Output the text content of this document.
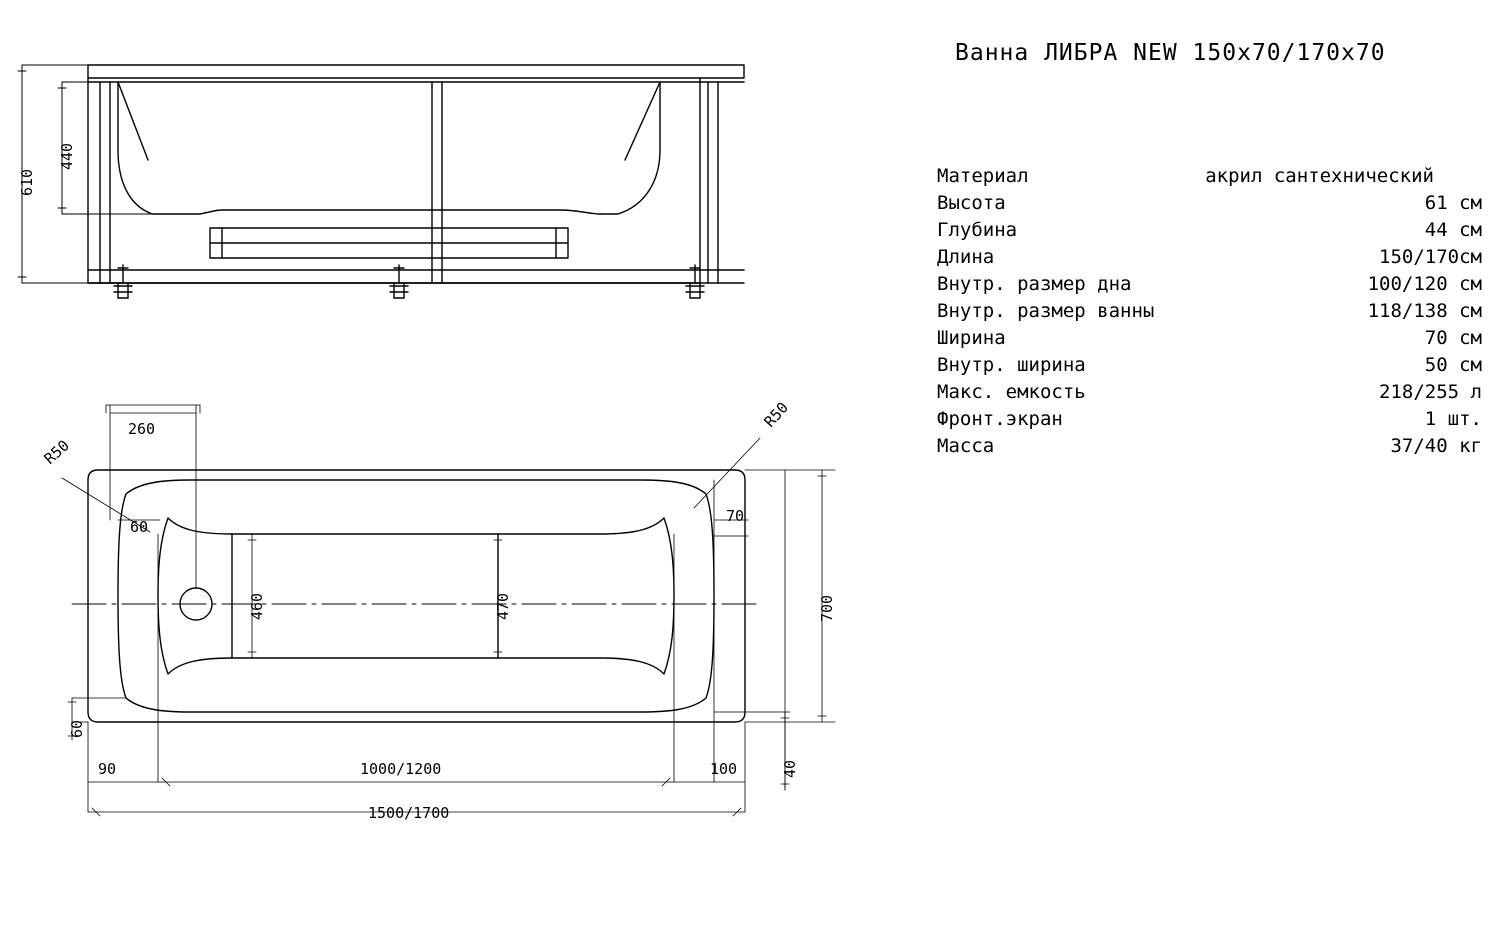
610
440
260
R50
R50
60
70
460	470	700
60
90	1000/1200	100	40
1500/1700
Ванна ЛИБРА NEW 150x70/170x70
Материал	акрил сантехнический
Высота	61 см
Глубина	44 см
Длина	150/170см
Внутр. размер дна	100/120 см
Внутр. размер ванны	118/138 см
Ширина	70 см
Внутр. ширина	50 см
Макс. емкость	218/255 л
Фронт.экран	1 шт.
Масса	37/40 кг
